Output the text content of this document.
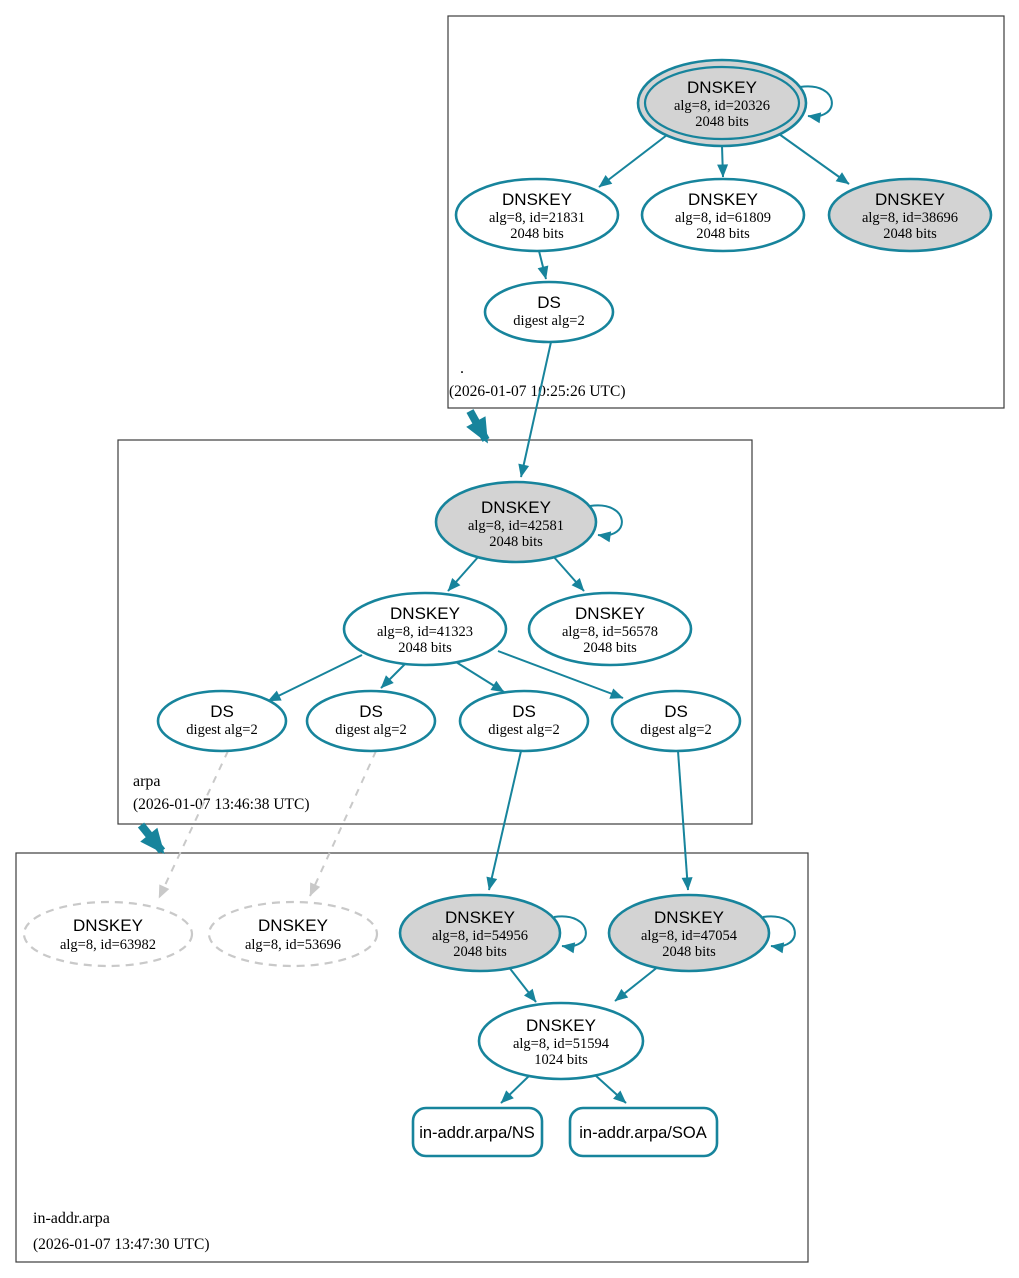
.
(2026-01-07 10:25:26 UTC)
arpa
(2026-01-07 13:46:38 UTC)
in-addr.arpa
(2026-01-07 13:47:30 UTC)
DNSKEY
alg=8, id=20326
2048 bits
DNSKEY
alg=8, id=21831
2048 bits
DNSKEY
alg=8, id=61809
2048 bits
DNSKEY
alg=8, id=38696
2048 bits
DS
digest alg=2
DNSKEY
alg=8, id=42581
2048 bits
DNSKEY
alg=8, id=41323
2048 bits
DNSKEY
alg=8, id=56578
2048 bits
DS
digest alg=2
DS
digest alg=2
DS
digest alg=2
DS
digest alg=2
DNSKEY
alg=8, id=63982
DNSKEY
alg=8, id=53696
DNSKEY
alg=8, id=54956
2048 bits
DNSKEY
alg=8, id=47054
2048 bits
DNSKEY
alg=8, id=51594
1024 bits
in-addr.arpa/NS	in-addr.arpa/SOA
